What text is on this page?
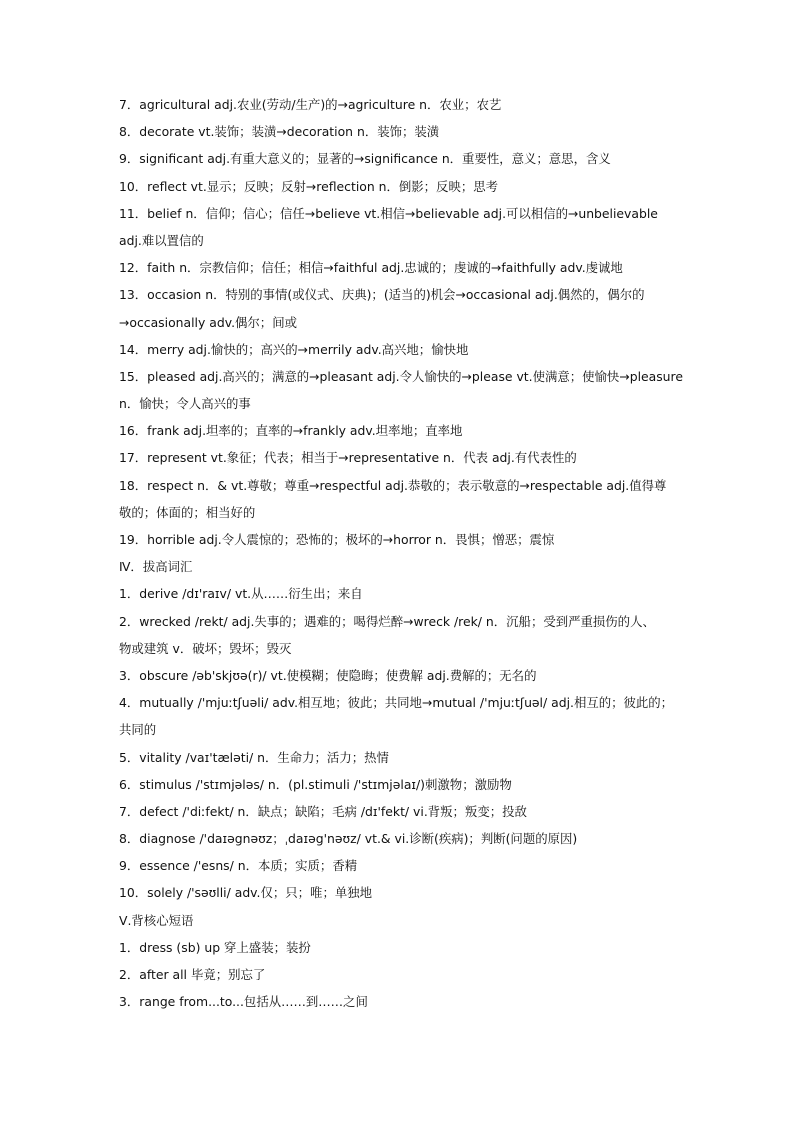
7．agricultural adj.农业(劳动/生产)的→agriculture n．农业；农艺
8．decorate vt.装饰；装潢→decoration n．装饰；装潢
9．significant adj.有重大意义的；显著的→significance n．重要性，意义；意思，含义
10．reflect vt.显示；反映；反射→reflection n．倒影；反映；思考
11．belief n．信仰；信心；信任→believe vt.相信→believable adj.可以相信的→unbelievable
adj.难以置信的
12．faith n．宗教信仰；信任；相信→faithful adj.忠诚的；虔诚的→faithfully adv.虔诚地
13．occasion n．特别的事情(或仪式、庆典)；(适当的)机会→occasional adj.偶然的，偶尔的
→occasionally adv.偶尔；间或
14．merry adj.愉快的；高兴的→merrily adv.高兴地；愉快地
15．pleased adj.高兴的；满意的→pleasant adj.令人愉快的→please vt.使满意；使愉快→pleasure
n．愉快；令人高兴的事
16．frank adj.坦率的；直率的→frankly adv.坦率地；直率地
17．represent vt.象征；代表；相当于→representative n．代表 adj.有代表性的
18．respect n．& vt.尊敬；尊重→respectful adj.恭敬的；表示敬意的→respectable adj.值得尊
敬的；体面的；相当好的
19．horrible adj.令人震惊的；恐怖的；极坏的→horror n．畏惧；憎恶；震惊
Ⅳ．拔高词汇
1．derive /dɪ'raɪv/ vt.从……衍生出；来自
2．wrecked /rekt/ adj.失事的；遇难的；喝得烂醉→wreck /rek/ n．沉船；受到严重损伤的人、
物或建筑 v．破坏；毁坏；毁灭
3．obscure /əb'skjʊə(r)/ vt.使模糊；使隐晦；使费解 adj.费解的；无名的
4．mutually /'mjuːtʃuəli/ adv.相互地；彼此；共同地→mutual /'mjuːtʃuəl/ adj.相互的；彼此的；
共同的
5．vitality /vaɪ'tæləti/ n．生命力；活力；热情
6．stimulus /'stɪmjələs/ n．(pl.stimuli /'stɪmjəlaɪ/)刺激物；激励物
7．defect /'diːfekt/ n．缺点；缺陷；毛病 /dɪ'fekt/ vi.背叛；叛变；投敌
8．diagnose /'daɪəgnəʊz；ˌdaɪəg'nəʊz/ vt.& vi.诊断(疾病)；判断(问题的原因)
9．essence /'esns/ n．本质；实质；香精
10．solely /'səʊlli/ adv.仅；只；唯；单独地
Ⅴ.背核心短语
1．dress (sb) up 穿上盛装；装扮
2．after all 毕竟；别忘了
3．range from...to...包括从……到……之间
